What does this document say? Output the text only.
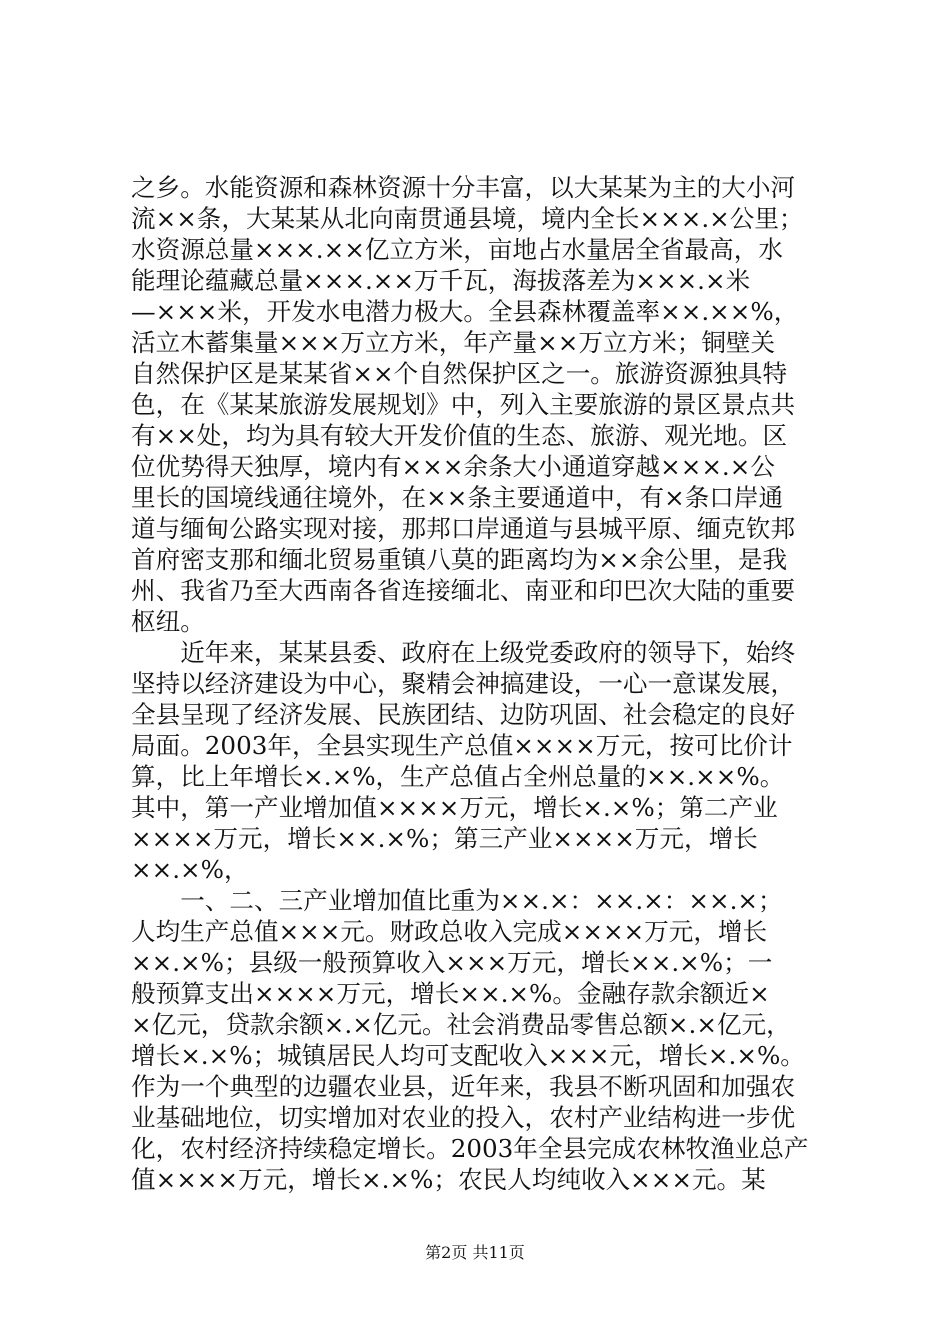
之乡。水能资源和森林资源十分丰富，以大某某为主的大小河
流××条，大某某从北向南贯通县境，境内全长×××.×公里；
水资源总量×××.××亿立方米，亩地占水量居全省最高，水
能理论蕴藏总量×××.××万千瓦，海拔落差为×××.×米
—×××米，开发水电潜力极大。全县森林覆盖率××.××%，
活立木蓄集量×××万立方米，年产量××万立方米；铜壁关
自然保护区是某某省××个自然保护区之一。旅游资源独具特
色，在《某某旅游发展规划》中，列入主要旅游的景区景点共
有××处，均为具有较大开发价值的生态、旅游、观光地。区
位优势得天独厚，境内有×××余条大小通道穿越×××.×公
里长的国境线通往境外，在××条主要通道中，有×条口岸通
道与缅甸公路实现对接，那邦口岸通道与县城平原、缅克钦邦
首府密支那和缅北贸易重镇八莫的距离均为××余公里，是我
州、我省乃至大西南各省连接缅北、南亚和印巴次大陆的重要
枢纽。
　　近年来，某某县委、政府在上级党委政府的领导下，始终
坚持以经济建设为中心，聚精会神搞建设，一心一意谋发展，
全县呈现了经济发展、民族团结、边防巩固、社会稳定的良好
局面。2003年，全县实现生产总值××××万元，按可比价计
算，比上年增长×.×%，生产总值占全州总量的××.××%。
其中，第一产业增加值××××万元，增长×.×%；第二产业
××××万元，增长××.×%；第三产业××××万元，增长
××.×%，
　　一、二、三产业增加值比重为××.×：××.×：××.×；
人均生产总值×××元。财政总收入完成××××万元，增长
××.×%；县级一般预算收入×××万元，增长××.×%；一
般预算支出××××万元，增长××.×%。金融存款余额近×
×亿元，贷款余额×.×亿元。社会消费品零售总额×.×亿元，
增长×.×%；城镇居民人均可支配收入×××元，增长×.×%。
作为一个典型的边疆农业县，近年来，我县不断巩固和加强农
业基础地位，切实增加对农业的投入，农村产业结构进一步优
化，农村经济持续稳定增长。2003年全县完成农林牧渔业总产
值××××万元，增长×.×%；农民人均纯收入×××元。某
第2页 共11页
